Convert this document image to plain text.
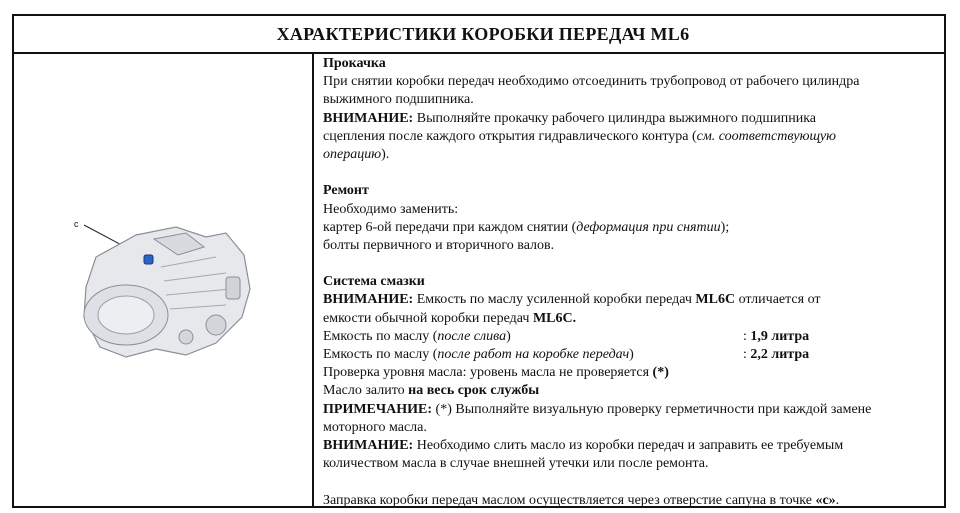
ХАРАКТЕРИСТИКИ КОРОБКИ ПЕРЕДАЧ ML6
c
Прокачка
При снятии коробки передач необходимо отсоединить трубопровод от рабочего цилиндра
выжимного подшипника.
ВНИМАНИЕ: Выполняйте прокачку рабочего цилиндра выжимного подшипника
сцепления после каждого открытия гидравлического контура (см. соответствующую
операцию).
Ремонт
Необходимо заменить:
картер 6-ой передачи при каждом снятии (деформация при снятии);
болты первичного и вторичного валов.
Система смазки
ВНИМАНИЕ: Емкость по маслу усиленной коробки передач ML6C отличается от
емкости обычной коробки передач ML6C.
Емкость по маслу (после слива)	: 1,9 литра
Емкость по маслу (после работ на коробке передач)	: 2,2 литра
Проверка уровня масла: уровень масла не проверяется (*)
Масло залито на весь срок службы
ПРИМЕЧАНИЕ: (*) Выполняйте визуальную проверку герметичности при каждой замене
моторного масла.
ВНИМАНИЕ: Необходимо слить масло из коробки передач и заправить ее требуемым
количеством масла в случае внешней утечки или после ремонта.
Заправка коробки передач маслом осуществляется через отверстие сапуна в точке «c».
